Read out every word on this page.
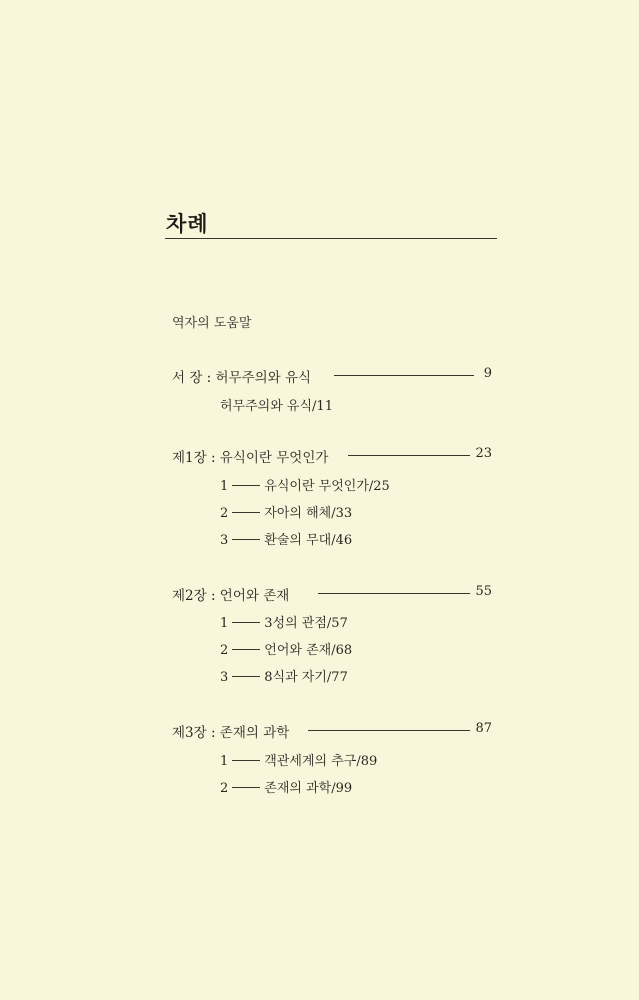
차례
역자의 도움말
서 장 : 허무주의와 유식	9
허무주의와 유식/11
제1장 : 유식이란 무엇인가	23
1	유식이란 무엇인가/25
2	자아의 해체/33
3	환술의 무대/46
제2장 : 언어와 존재	55
1	3성의 관점/57
2	언어와 존재/68
3	8식과 자기/77
제3장 : 존재의 과학	87
1	객관세계의 추구/89
2	존재의 과학/99
